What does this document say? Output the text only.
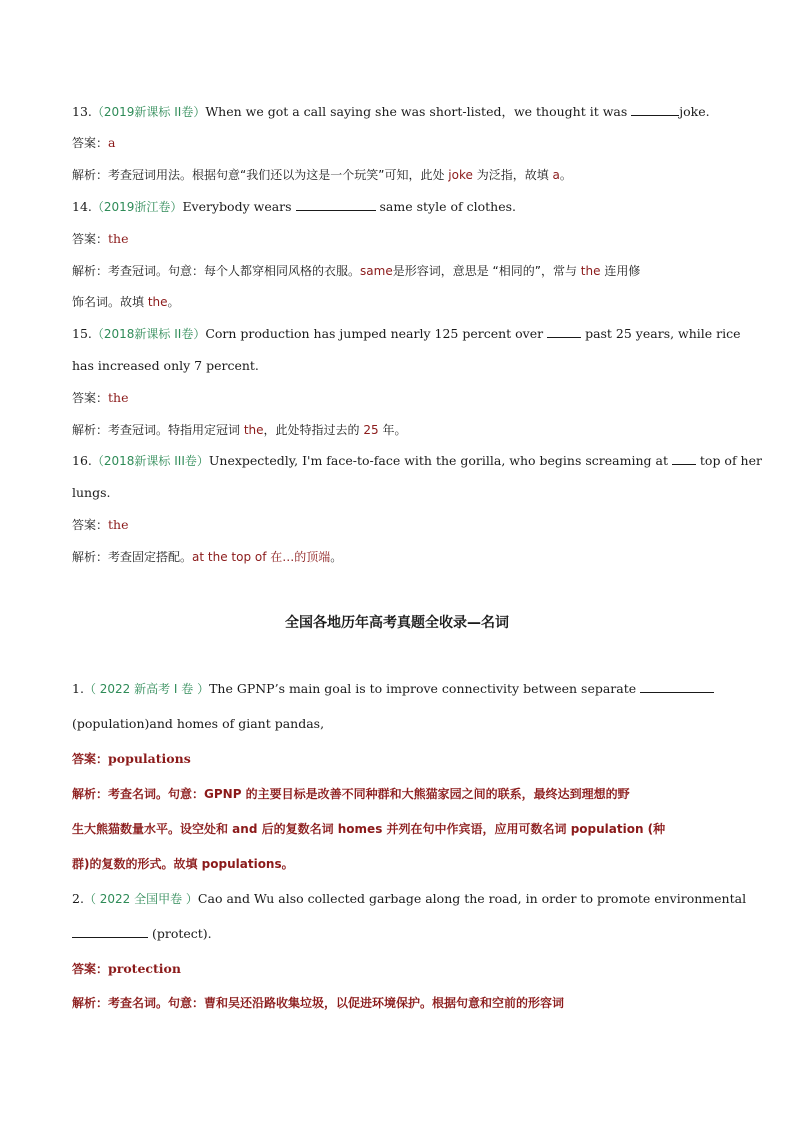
13.（2019新课标 II卷）When we got a call saying she was short-listed，we thought it was	joke.
答案：a
解析：考查冠词用法。根据句意“我们还以为这是一个玩笑”可知，此处 joke 为泛指，故填 a。
14.（2019浙江卷）Everybody wears	same style of clothes.
答案：the
解析：考查冠词。句意：每个人都穿相同风格的衣服。same是形容词，意思是 “相同的”，常与 the 连用修
饰名词。故填 the。
15.（2018新课标 II卷）Corn production has jumped nearly 125 percent over	past 25 years, while rice
has increased only 7 percent.
答案：the
解析：考查冠词。特指用定冠词 the，此处特指过去的 25 年。
16.（2018新课标 III卷）Unexpectedly, I'm face-to-face with the gorilla, who begins screaming at  top of her
lungs.
答案：the
解析：考查固定搭配。at the top of 在…的顶端。
全国各地历年高考真题全收录—名词
1.（ 2022 新高考 I 卷 ）The GPNP’s main goal is to improve connectivity between separate
(population)and homes of giant pandas,
答案：populations
解析：考查名词。句意：GPNP 的主要目标是改善不同种群和大熊猫家园之间的联系，最终达到理想的野
生大熊猫数量水平。设空处和 and 后的复数名词 homes 并列在句中作宾语，应用可数名词 population (种
群)的复数的形式。故填 populations。
2.（ 2022 全国甲卷 ）Cao and Wu also collected garbage along the road, in order to promote environmental
(protect).
答案：protection
解析：考查名词。句意：曹和吴还沿路收集垃圾，以促进环境保护。根据句意和空前的形容词
